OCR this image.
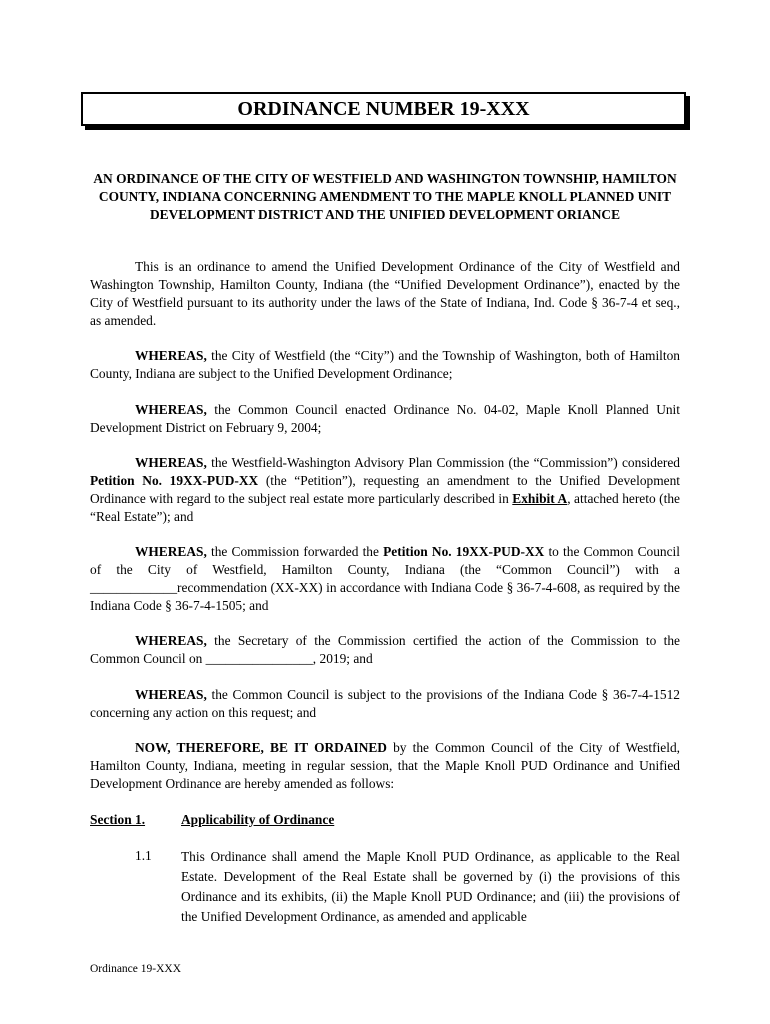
ORDINANCE NUMBER 19-XXX
AN ORDINANCE OF THE CITY OF WESTFIELD AND WASHINGTON TOWNSHIP, HAMILTON COUNTY, INDIANA CONCERNING AMENDMENT TO THE MAPLE KNOLL PLANNED UNIT DEVELOPMENT DISTRICT AND THE UNIFIED DEVELOPMENT ORIANCE
This is an ordinance to amend the Unified Development Ordinance of the City of Westfield and Washington Township, Hamilton County, Indiana (the “Unified Development Ordinance”), enacted by the City of Westfield pursuant to its authority under the laws of the State of Indiana, Ind. Code § 36-7-4 et seq., as amended.
WHEREAS, the City of Westfield (the “City”) and the Township of Washington, both of Hamilton County, Indiana are subject to the Unified Development Ordinance;
WHEREAS, the Common Council enacted Ordinance No. 04-02, Maple Knoll Planned Unit Development District on February 9, 2004;
WHEREAS, the Westfield-Washington Advisory Plan Commission (the “Commission”) considered Petition No. 19XX-PUD-XX (the “Petition”), requesting an amendment to the Unified Development Ordinance with regard to the subject real estate more particularly described in Exhibit A, attached hereto (the “Real Estate”); and
WHEREAS, the Commission forwarded the Petition No. 19XX-PUD-XX to the Common Council of the City of Westfield, Hamilton County, Indiana (the “Common Council”) with a _____________recommendation (XX-XX) in accordance with Indiana Code § 36-7-4-608, as required by the Indiana Code § 36-7-4-1505; and
WHEREAS, the Secretary of the Commission certified the action of the Commission to the Common Council on ________________, 2019; and
WHEREAS, the Common Council is subject to the provisions of the Indiana Code § 36-7-4-1512 concerning any action on this request; and
NOW, THEREFORE, BE IT ORDAINED by the Common Council of the City of Westfield, Hamilton County, Indiana, meeting in regular session, that the Maple Knoll PUD Ordinance and Unified Development Ordinance are hereby amended as follows:
Section 1.	Applicability of Ordinance
1.1 This Ordinance shall amend the Maple Knoll PUD Ordinance, as applicable to the Real Estate. Development of the Real Estate shall be governed by (i) the provisions of this Ordinance and its exhibits, (ii) the Maple Knoll PUD Ordinance; and (iii) the provisions of the Unified Development Ordinance, as amended and applicable
Ordinance 19-XXX
